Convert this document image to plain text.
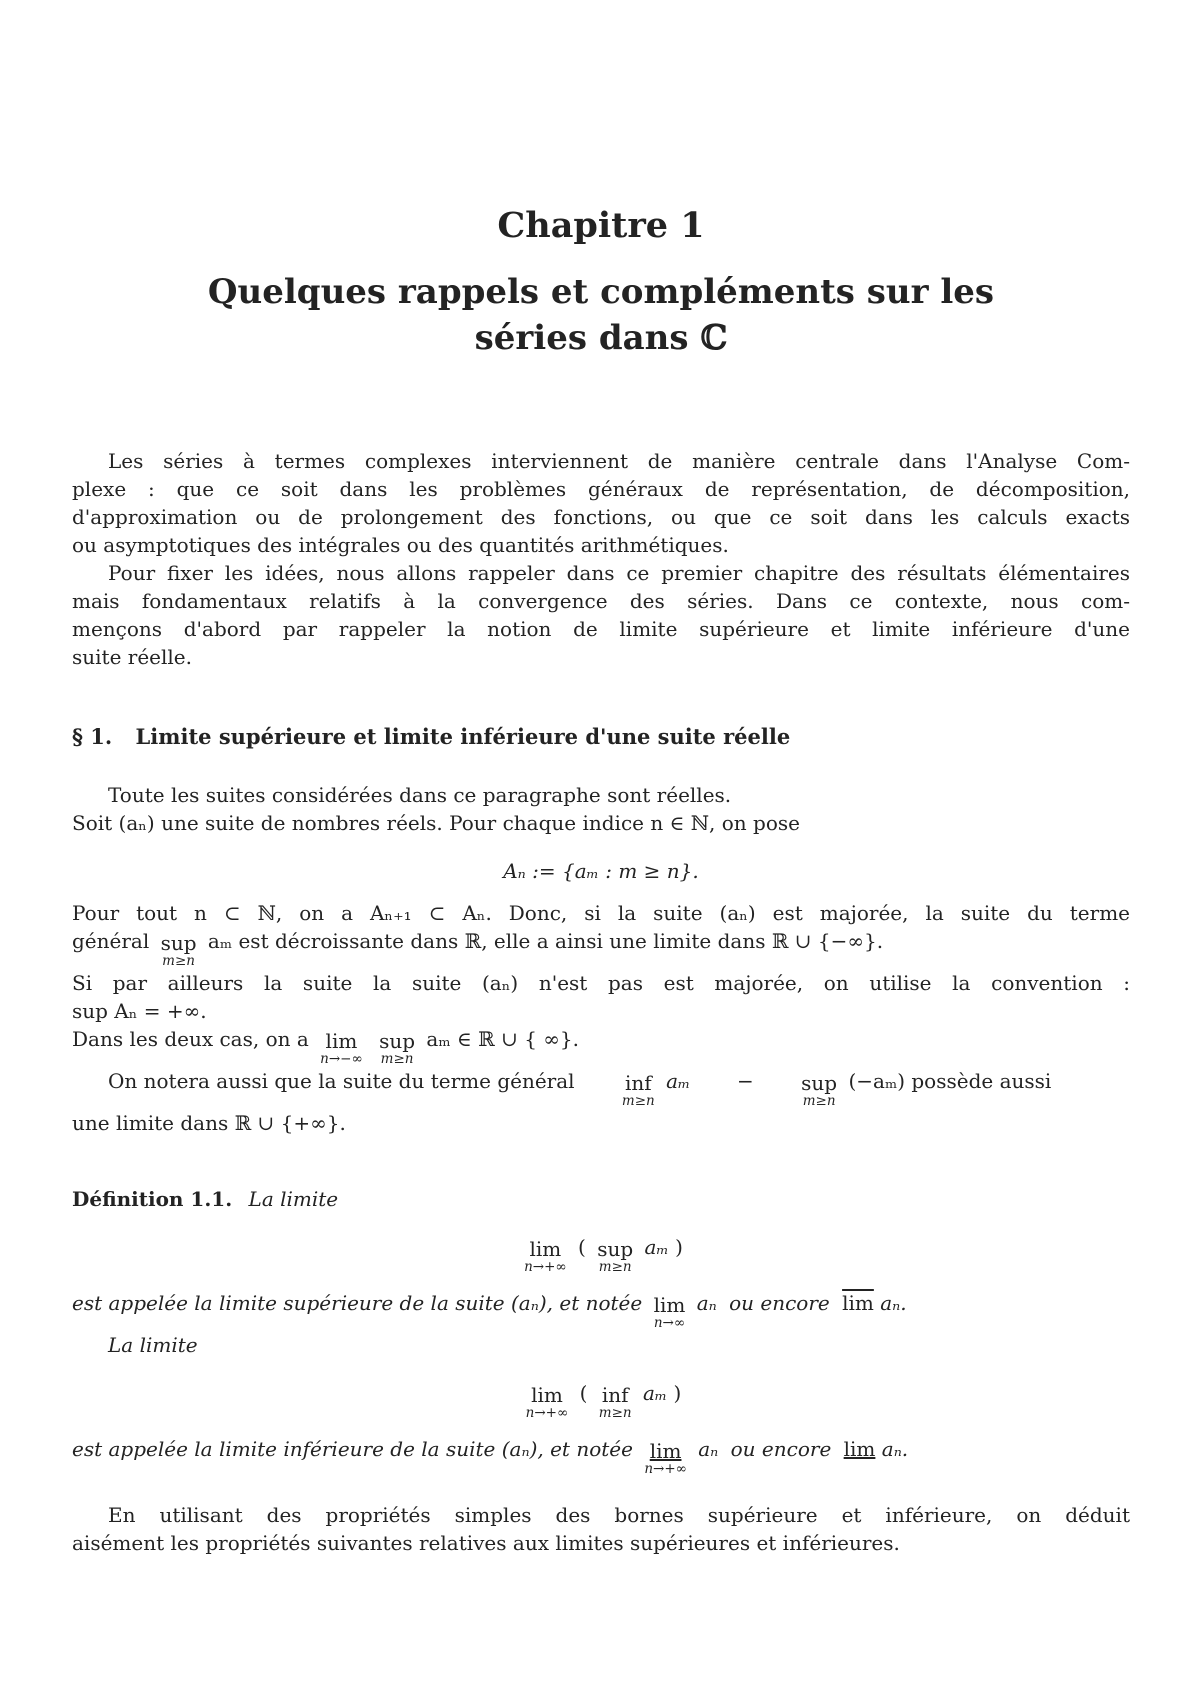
Chapitre 1
Quelques rappels et compléments sur les
séries dans ℂ
Les séries à termes complexes interviennent de manière centrale dans l'Analyse Com-
plexe : que ce soit dans les problèmes généraux de représentation, de décomposition,
d'approximation ou de prolongement des fonctions, ou que ce soit dans les calculs exacts
ou asymptotiques des intégrales ou des quantités arithmétiques.
Pour fixer les idées, nous allons rappeler dans ce premier chapitre des résultats élémentaires
mais fondamentaux relatifs à la convergence des séries. Dans ce contexte, nous com-
mençons d'abord par rappeler la notion de limite supérieure et limite inférieure d'une
suite réelle.
§ 1. Limite supérieure et limite inférieure d'une suite réelle
Toute les suites considérées dans ce paragraphe sont réelles.
Soit (aₙ) une suite de nombres réels. Pour chaque indice n ∈ ℕ, on pose
Aₙ := {aₘ : m ≥ n}.
Pour tout n ⊂ ℕ, on a Aₙ₊₁ ⊂ Aₙ. Donc, si la suite (aₙ) est majorée, la suite du terme
général sup
m≥n
aₘ est décroissante dans ℝ, elle a ainsi une limite dans ℝ ∪ {−∞}.
Si par ailleurs la suite la suite (aₙ) n'est pas est majorée, on utilise la convention :
sup Aₙ = +∞.
Dans les deux cas, on a lim
n→−∞

sup
m≥n
aₘ ∈ ℝ ∪ { ∞}.
On notera aussi que la suite du terme général	inf
m≥n
aₘ −	sup
m≥n
(−aₘ) possède aussi
une limite dans ℝ ∪ {+∞}.
Définition 1.1. La limite
lim
n→+∞
( sup
m≥n
aₘ )
est appelée la limite supérieure de la suite (aₙ), et notée lim
n→∞
aₙ ou encore $\overline{lim}$ aₙ.
La limite
lim
n→+∞
( inf
m≥n
aₘ )
est appelée la limite inférieure de la suite (aₙ), et notée lim
n→+∞
aₙ ou encore lim aₙ.
En utilisant des propriétés simples des bornes supérieure et inférieure, on déduit
aisément les propriétés suivantes relatives aux limites supérieures et inférieures.
